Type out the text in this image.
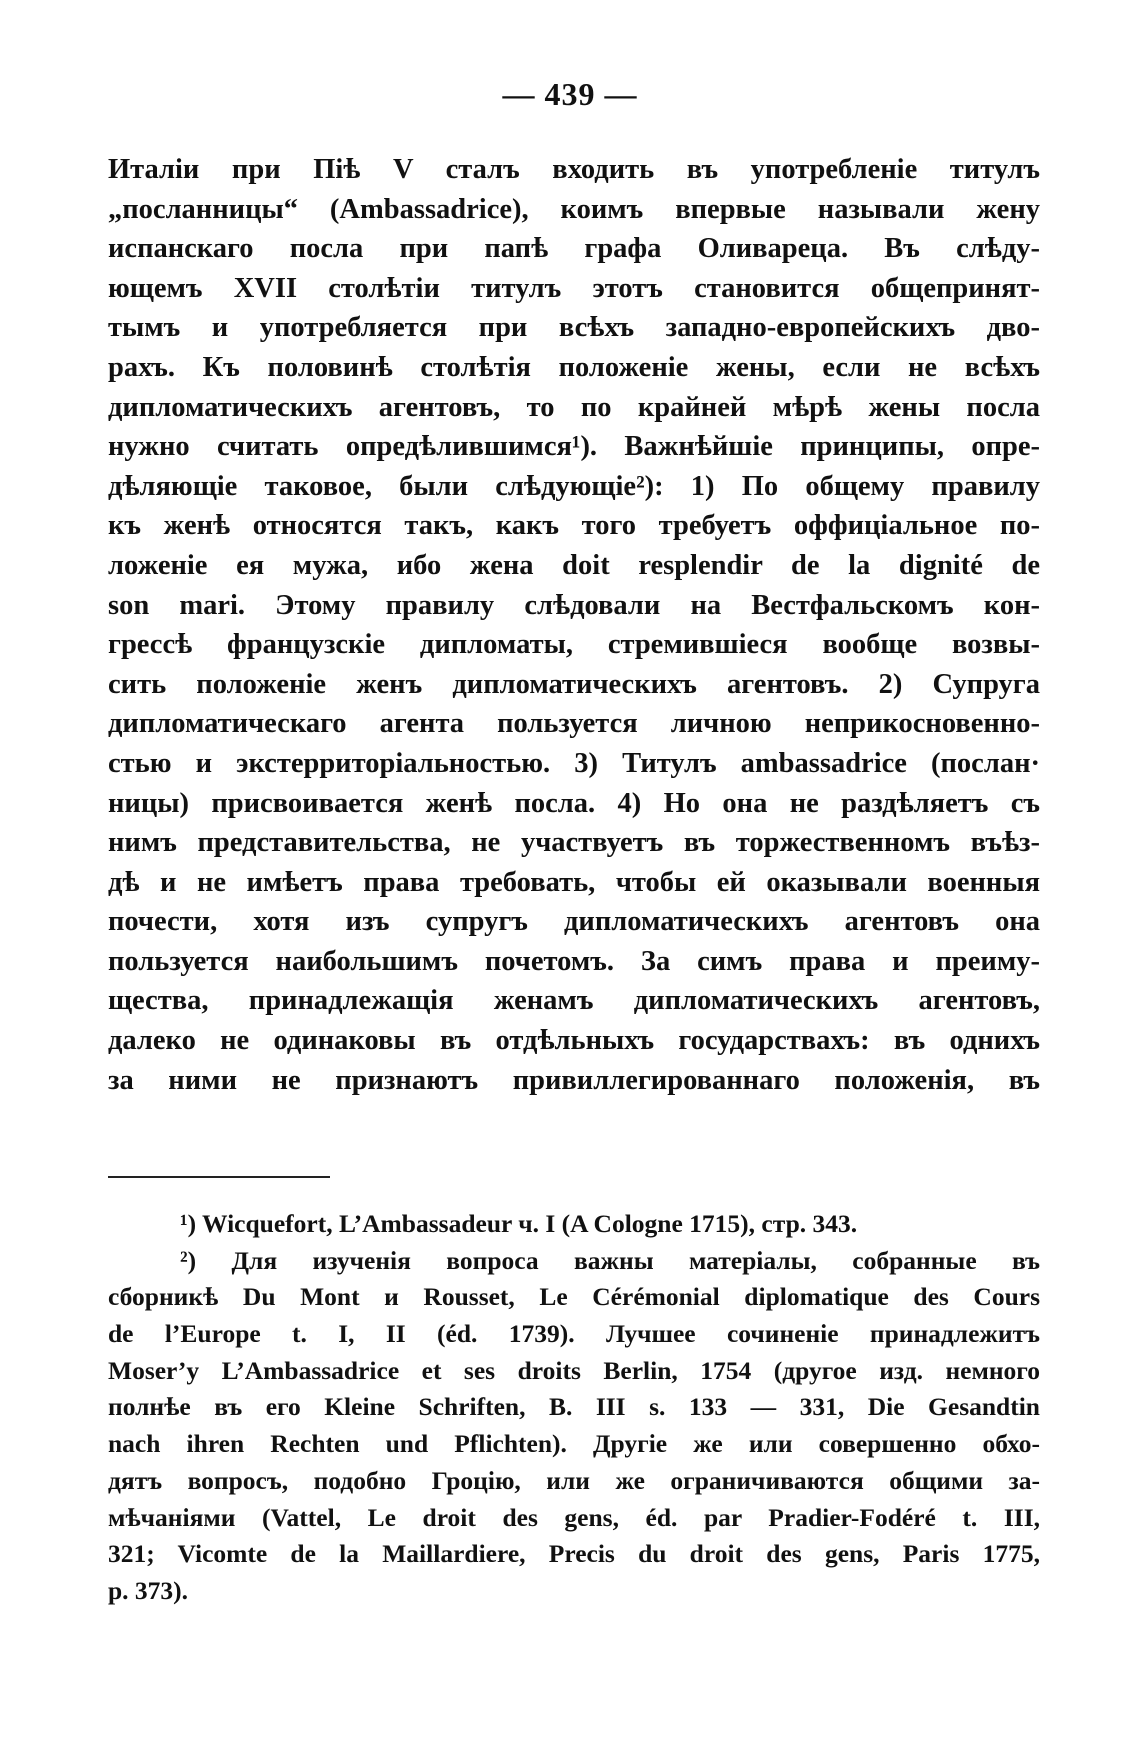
— 439 —
Италіи при Піѣ V сталъ входить въ употребленіе титулъ
„посланницы“ (Ambassadrice), коимъ впервые называли жену
испанскаго посла при папѣ графа Оливареца. Въ слѣду-
ющемъ XVII столѣтіи титулъ этотъ становится общепринят-
тымъ и употребляется при всѣхъ западно-европейскихъ дво-
рахъ. Къ половинѣ столѣтія положеніе жены, если не всѣхъ
дипломатическихъ агентовъ, то по крайней мѣрѣ жены посла
нужно считать опредѣлившимся¹). Важнѣйшіе принципы, опре-
дѣляющіе таковое, были слѣдующіе²): 1) По общему правилу
къ женѣ относятся такъ, какъ того требуетъ оффиціальное по-
ложеніе ея мужа, ибо жена doit resplendir de la dignité de
son mari. Этому правилу слѣдовали на Вестфальскомъ кон-
грессѣ французскіе дипломаты, стремившіеся вообще возвы-
сить положеніе женъ дипломатическихъ агентовъ. 2) Супруга
дипломатическаго агента пользуется личною неприкосновенно-
стью и экстерриторіальностью. 3) Титулъ ambassadrice (послан·
ницы) присвоивается женѣ посла. 4) Но она не раздѣляетъ съ
нимъ представительства, не участвуетъ въ торжественномъ въѣз-
дѣ и не имѣетъ права требовать, чтобы ей оказывали военныя
почести, хотя изъ супругъ дипломатическихъ агентовъ она
пользуется наибольшимъ почетомъ. За симъ права и преиму-
щества, принадлежащія женамъ дипломатическихъ агентовъ,
далеко не одинаковы въ отдѣльныхъ государствахъ: въ однихъ
за ними не признаютъ привиллегированнаго положенія, въ
¹) Wicquefort, L’Ambassadeur ч. I (A Cologne 1715), стр. 343.
²) Для изученія вопроса важны матеріалы, собранные въ
сборникѣ Du Mont и Rousset, Le Cérémonial diplomatique des Cours
de l’Europe t. I, II (éd. 1739). Лучшее сочиненіе принадлежитъ
Moser’y L’Ambassadrice et ses droits Berlin, 1754 (другое изд. немного
полнѣе въ его Kleine Schriften, B. III s. 133 — 331, Die Gesandtin
nach ihren Rechten und Pflichten). Другіе же или совершенно обхо-
дятъ вопросъ, подобно Гроцію, или же ограничиваются общими за-
мѣчаніями (Vattel, Le droit des gens, éd. par Pradier-Fodéré t. III,
321; Vicomte de la Maillardiere, Precis du droit des gens, Paris 1775,
p. 373).
